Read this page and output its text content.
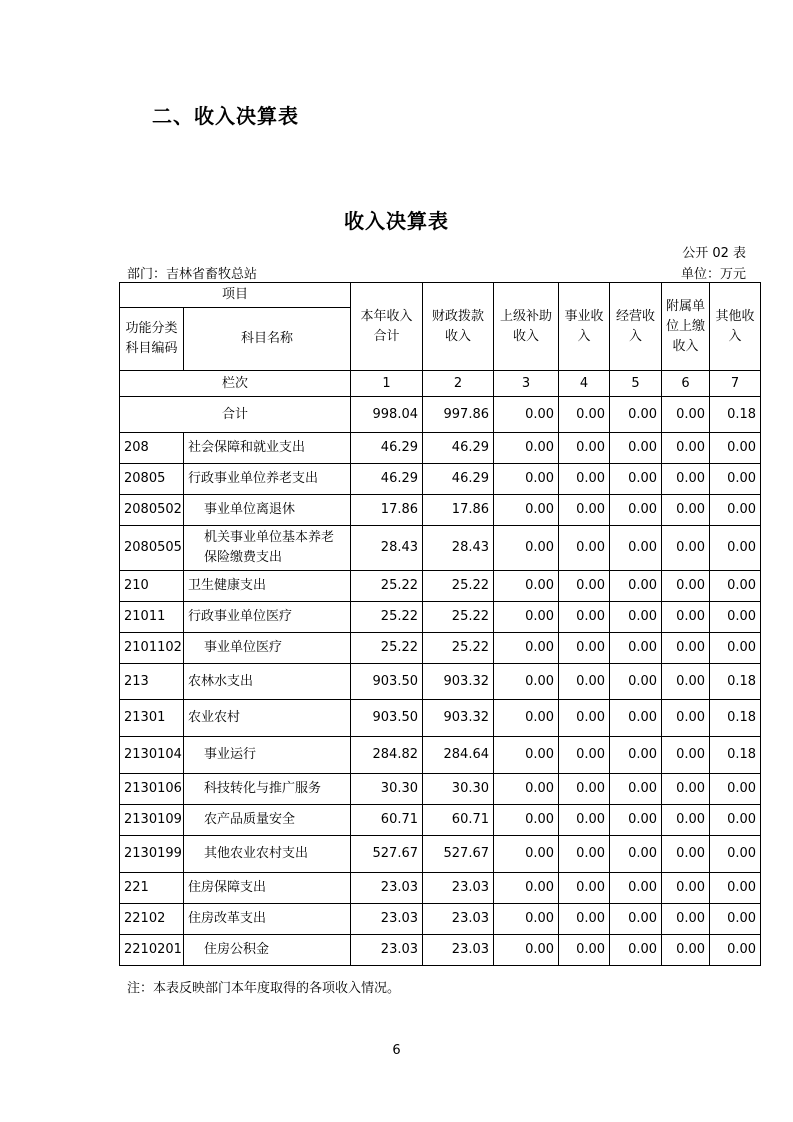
二、收入决算表
收入决算表
公开 02 表
部门：吉林省畜牧总站	单位：万元
项目		本年收入合计	财政拨款收入	上级补助收入	事业收入	经营收入	附属单位上缴收入	其他收入
功能分类科目编码	科目名称							
栏次		1	2	3	4	5	6	7
合计		998.04	997.86	0.00	0.00	0.00	0.00	0.18
208	社会保障和就业支出	46.29	46.29	0.00	0.00	0.00	0.00	0.00
20805	行政事业单位养老支出	46.29	46.29	0.00	0.00	0.00	0.00	0.00
2080502	事业单位离退休	17.86	17.86	0.00	0.00	0.00	0.00	0.00
2080505	机关事业单位基本养老保险缴费支出	28.43	28.43	0.00	0.00	0.00	0.00	0.00
210	卫生健康支出	25.22	25.22	0.00	0.00	0.00	0.00	0.00
21011	行政事业单位医疗	25.22	25.22	0.00	0.00	0.00	0.00	0.00
2101102	事业单位医疗	25.22	25.22	0.00	0.00	0.00	0.00	0.00
213	农林水支出	903.50	903.32	0.00	0.00	0.00	0.00	0.18
21301	农业农村	903.50	903.32	0.00	0.00	0.00	0.00	0.18
2130104	事业运行	284.82	284.64	0.00	0.00	0.00	0.00	0.18
2130106	科技转化与推广服务	30.30	30.30	0.00	0.00	0.00	0.00	0.00
2130109	农产品质量安全	60.71	60.71	0.00	0.00	0.00	0.00	0.00
2130199	其他农业农村支出	527.67	527.67	0.00	0.00	0.00	0.00	0.00
221	住房保障支出	23.03	23.03	0.00	0.00	0.00	0.00	0.00
22102	住房改革支出	23.03	23.03	0.00	0.00	0.00	0.00	0.00
2210201	住房公积金	23.03	23.03	0.00	0.00	0.00	0.00	0.00
注：本表反映部门本年度取得的各项收入情况。
6
